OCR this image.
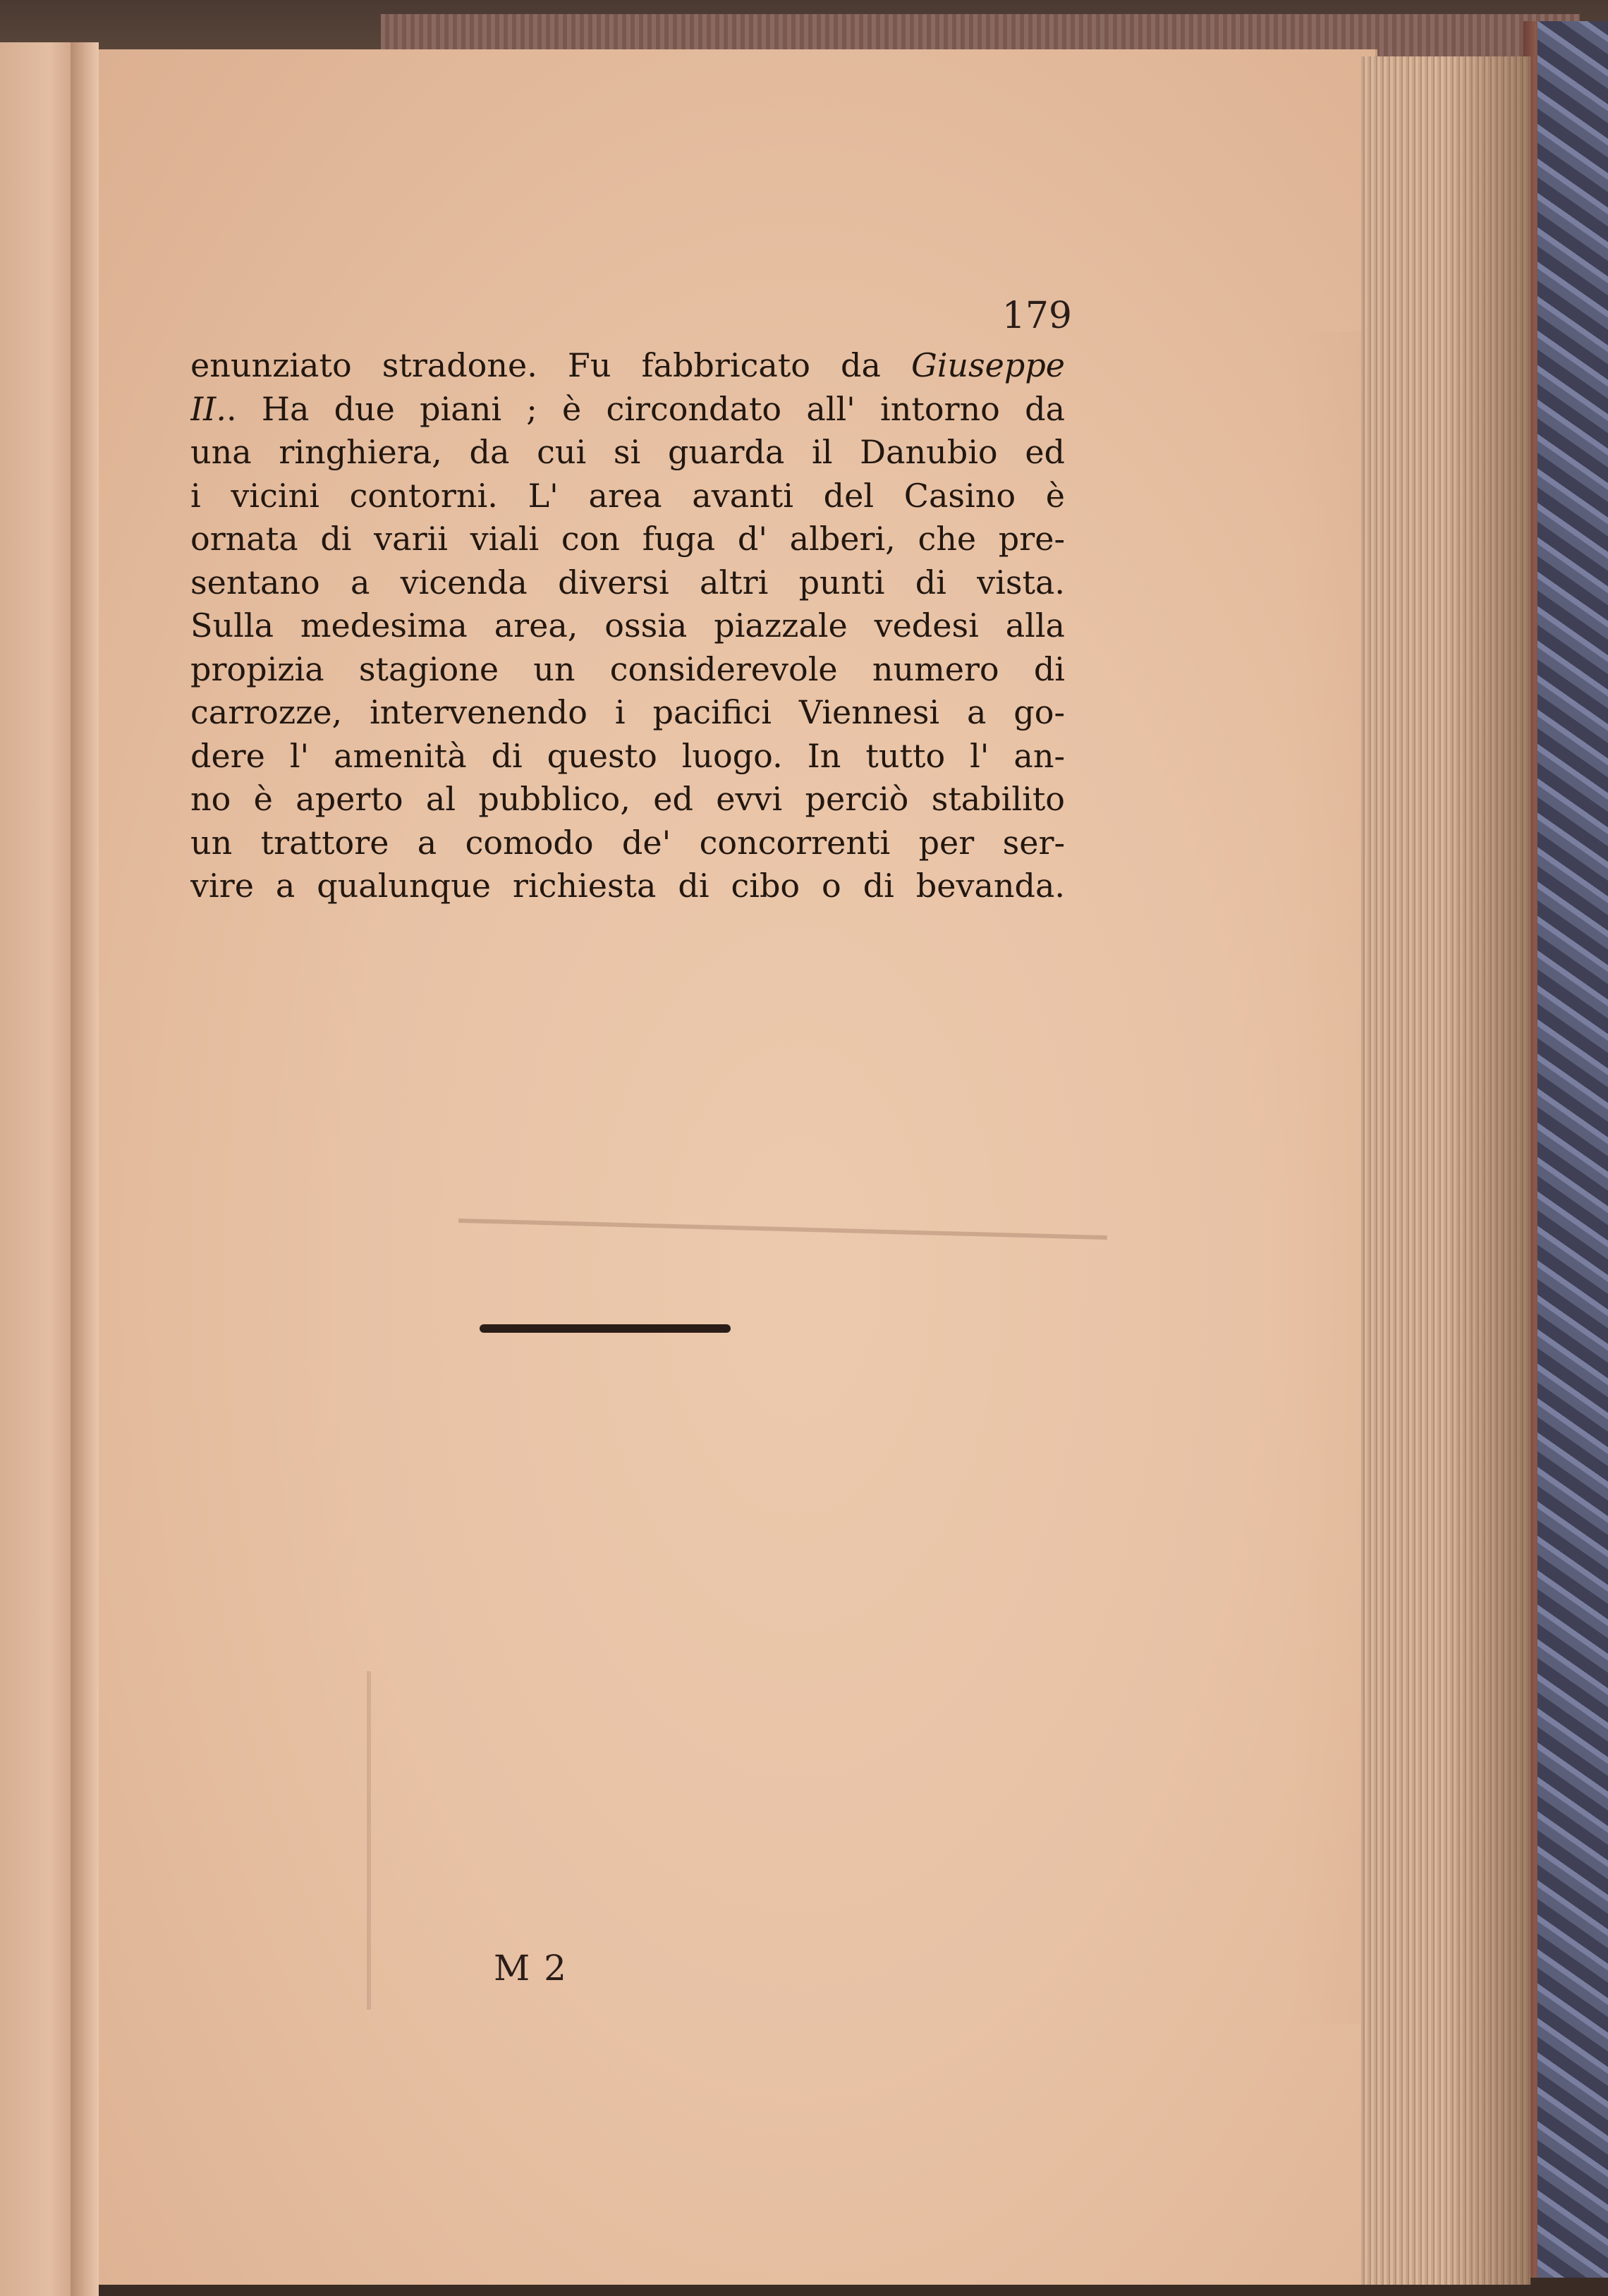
179
enunziato stradone. Fu fabbricato da Giuseppe
II.. Ha due piani ; è circondato all' intorno da
una ringhiera, da cui si guarda il Danubio ed
i vicini contorni. L' area avanti del Casino è
ornata di varii viali con fuga d' alberi, che pre-
sentano a vicenda diversi altri punti di vista.
Sulla medesima area, ossia piazzale vedesi alla
propizia stagione un considerevole numero di
carrozze, intervenendo i pacifici Viennesi a go-
dere l' amenità di questo luogo. In tutto l' an-
no è aperto al pubblico, ed evvi perciò stabilito
un trattore a comodo de' concorrenti per ser-
vire a qualunque richiesta di cibo o di bevanda.
M 2
